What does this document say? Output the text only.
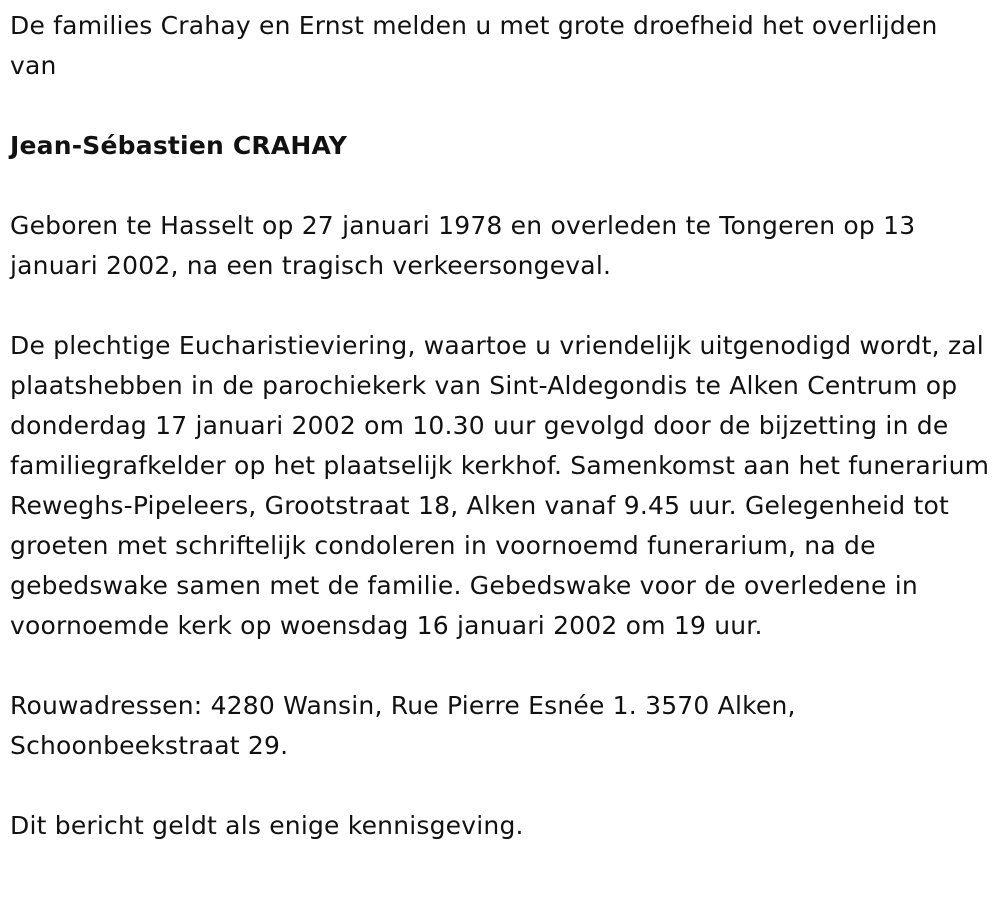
De families Crahay en Ernst melden u met grote droefheid het overlijden van

Jean-Sébastien CRAHAY

Geboren te Hasselt op 27 januari 1978 en overleden te Tongeren op 13 januari 2002, na een tragisch verkeersongeval.

De plechtige Eucharistieviering, waartoe u vriendelijk uitgenodigd wordt, zal plaatshebben in de parochiekerk van Sint-Aldegondis te Alken Centrum op donderdag 17 januari 2002 om 10.30 uur gevolgd door de bijzetting in de familiegrafkelder op het plaatselijk kerkhof. Samenkomst aan het funerarium Reweghs-Pipeleers, Grootstraat 18, Alken vanaf 9.45 uur. Gelegenheid tot groeten met schriftelijk condoleren in voornoemd funerarium, na de gebedswake samen met de familie. Gebedswake voor de overledene in voornoemde kerk op woensdag 16 januari 2002 om 19 uur.

Rouwadressen: 4280 Wansin, Rue Pierre Esnée 1. 3570 Alken, Schoonbeekstraat 29.

Dit bericht geldt als enige kennisgeving.
